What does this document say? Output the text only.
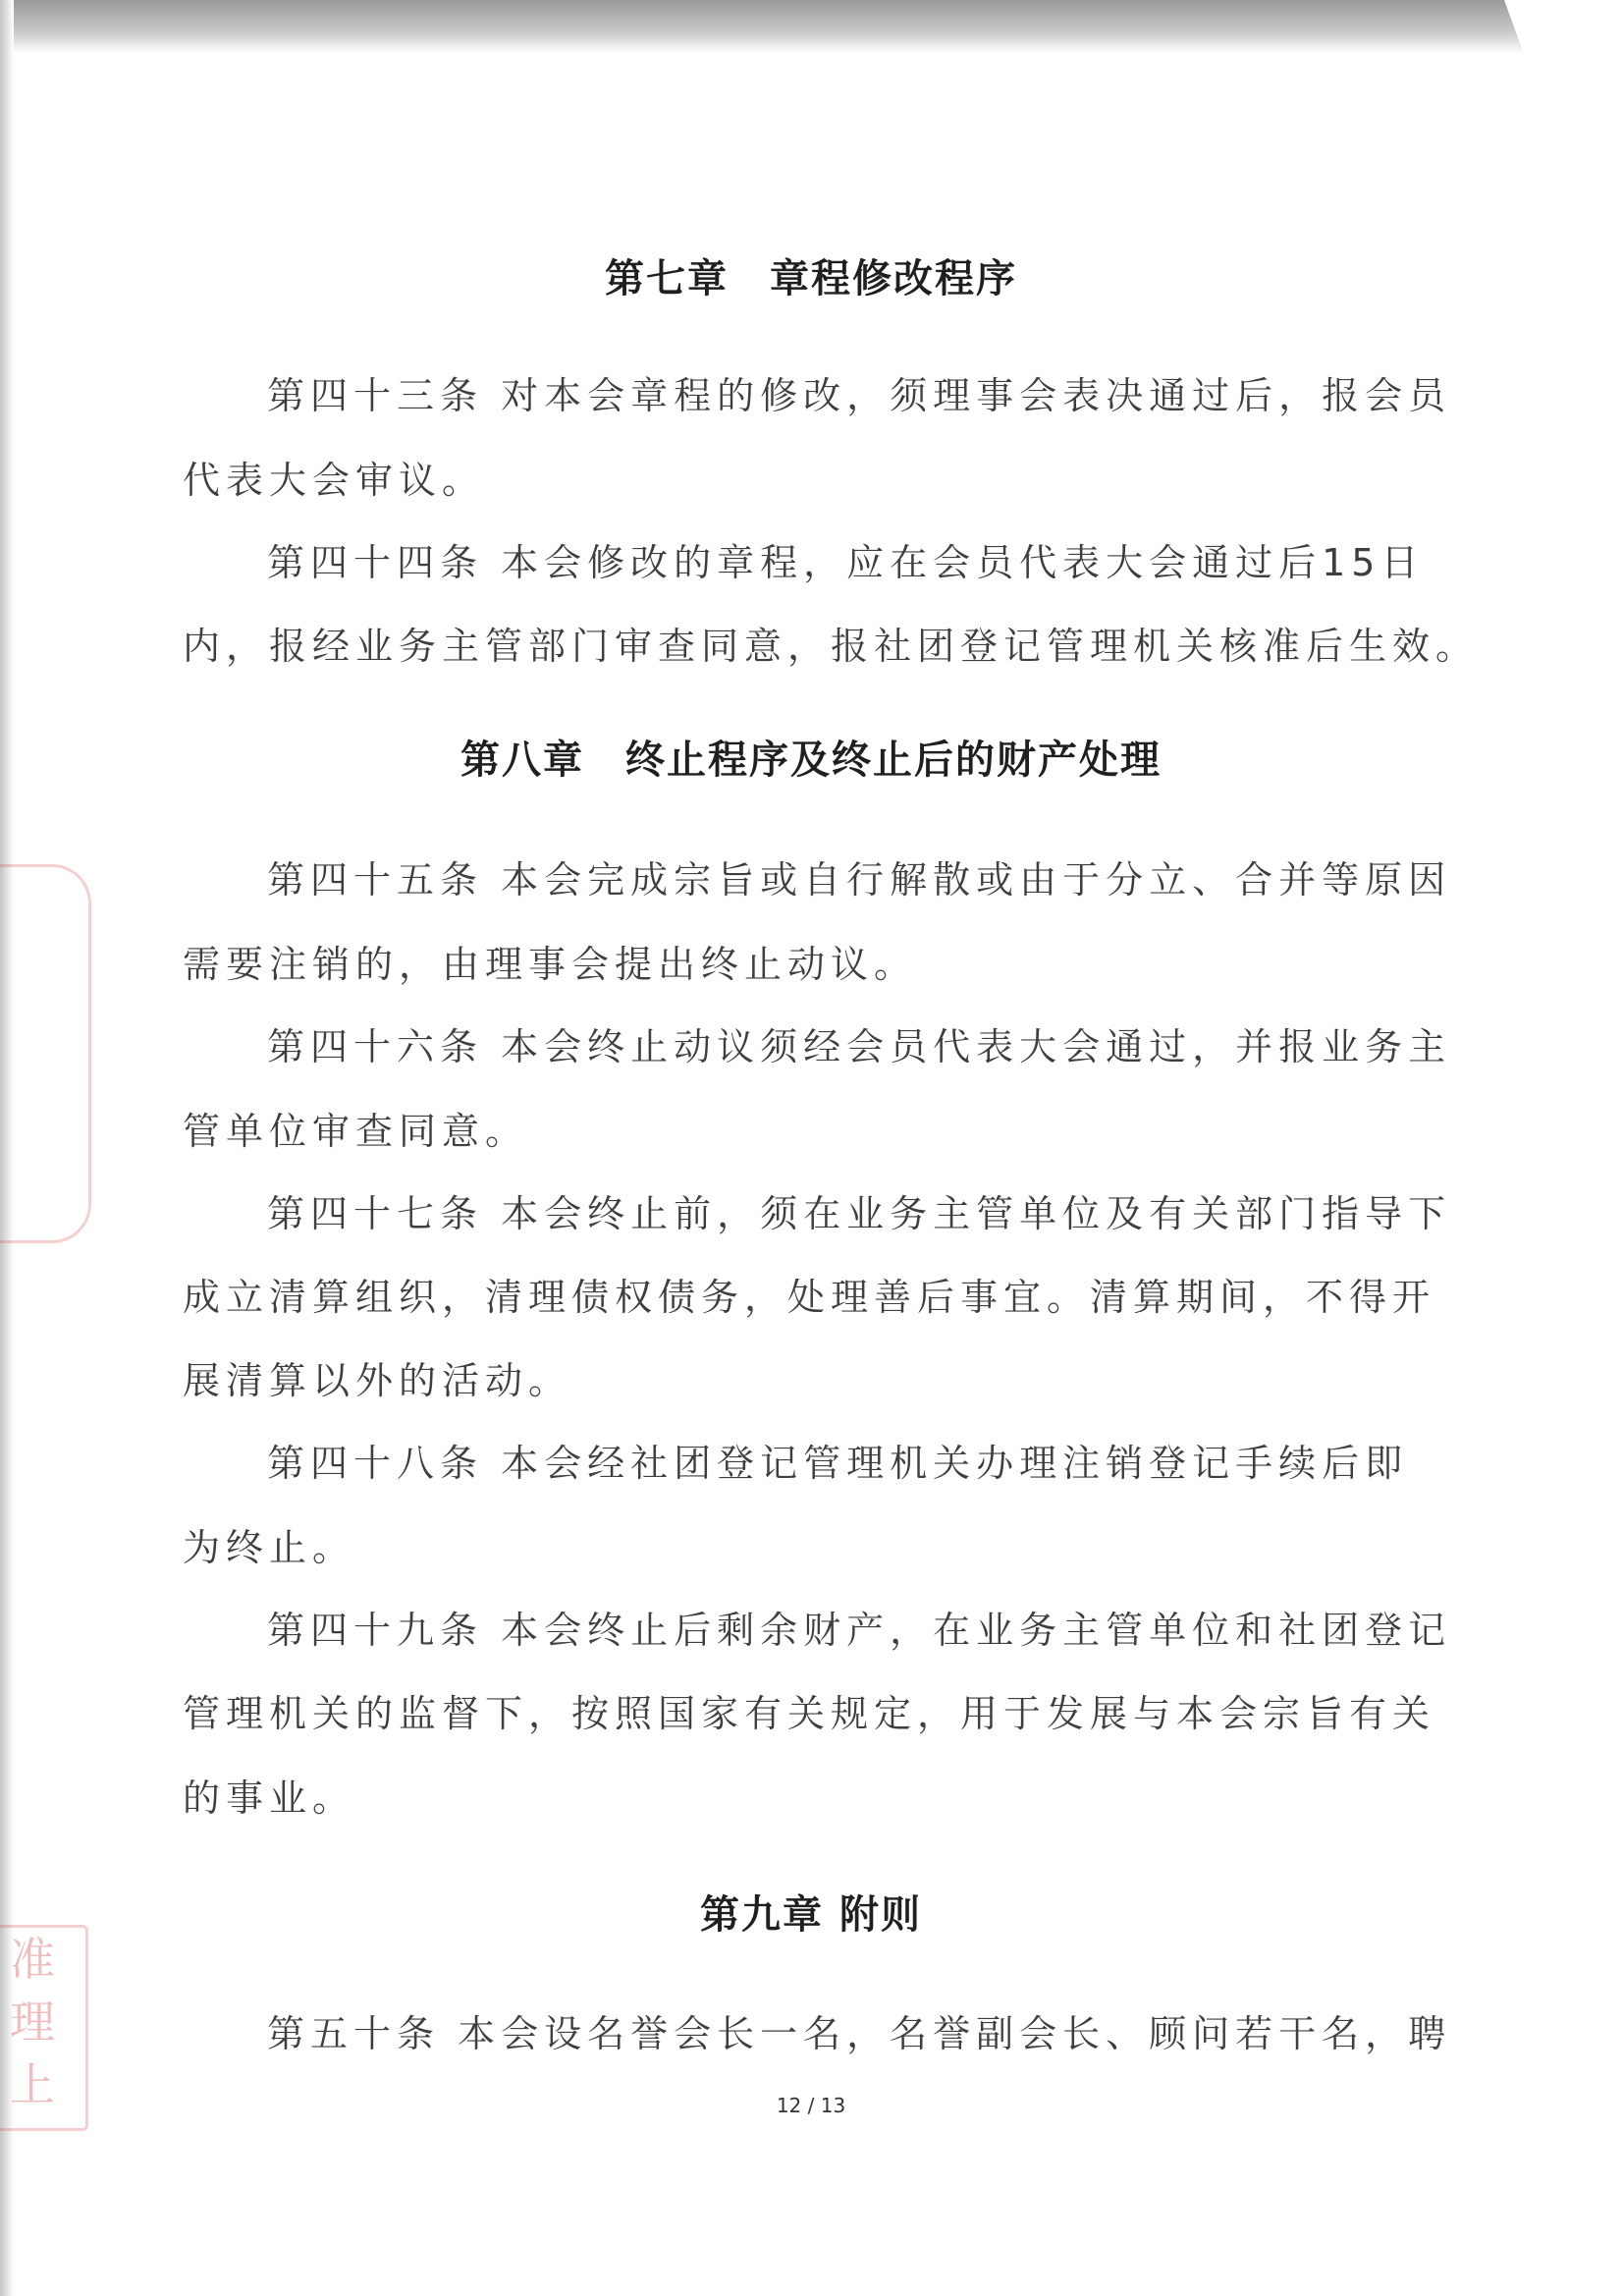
准
理
上
第七章　章程修改程序
第四十三条 对本会章程的修改，须理事会表决通过后，报会员
代表大会审议。
第四十四条 本会修改的章程，应在会员代表大会通过后15日
内，报经业务主管部门审查同意，报社团登记管理机关核准后生效。
第八章　终止程序及终止后的财产处理
第四十五条 本会完成宗旨或自行解散或由于分立、合并等原因
需要注销的，由理事会提出终止动议。
第四十六条 本会终止动议须经会员代表大会通过，并报业务主
管单位审查同意。
第四十七条 本会终止前，须在业务主管单位及有关部门指导下
成立清算组织，清理债权债务，处理善后事宜。清算期间，不得开
展清算以外的活动。
第四十八条 本会经社团登记管理机关办理注销登记手续后即
为终止。
第四十九条 本会终止后剩余财产，在业务主管单位和社团登记
管理机关的监督下，按照国家有关规定，用于发展与本会宗旨有关
的事业。
第九章 附则
第五十条 本会设名誉会长一名，名誉副会长、顾问若干名，聘
12 / 13
